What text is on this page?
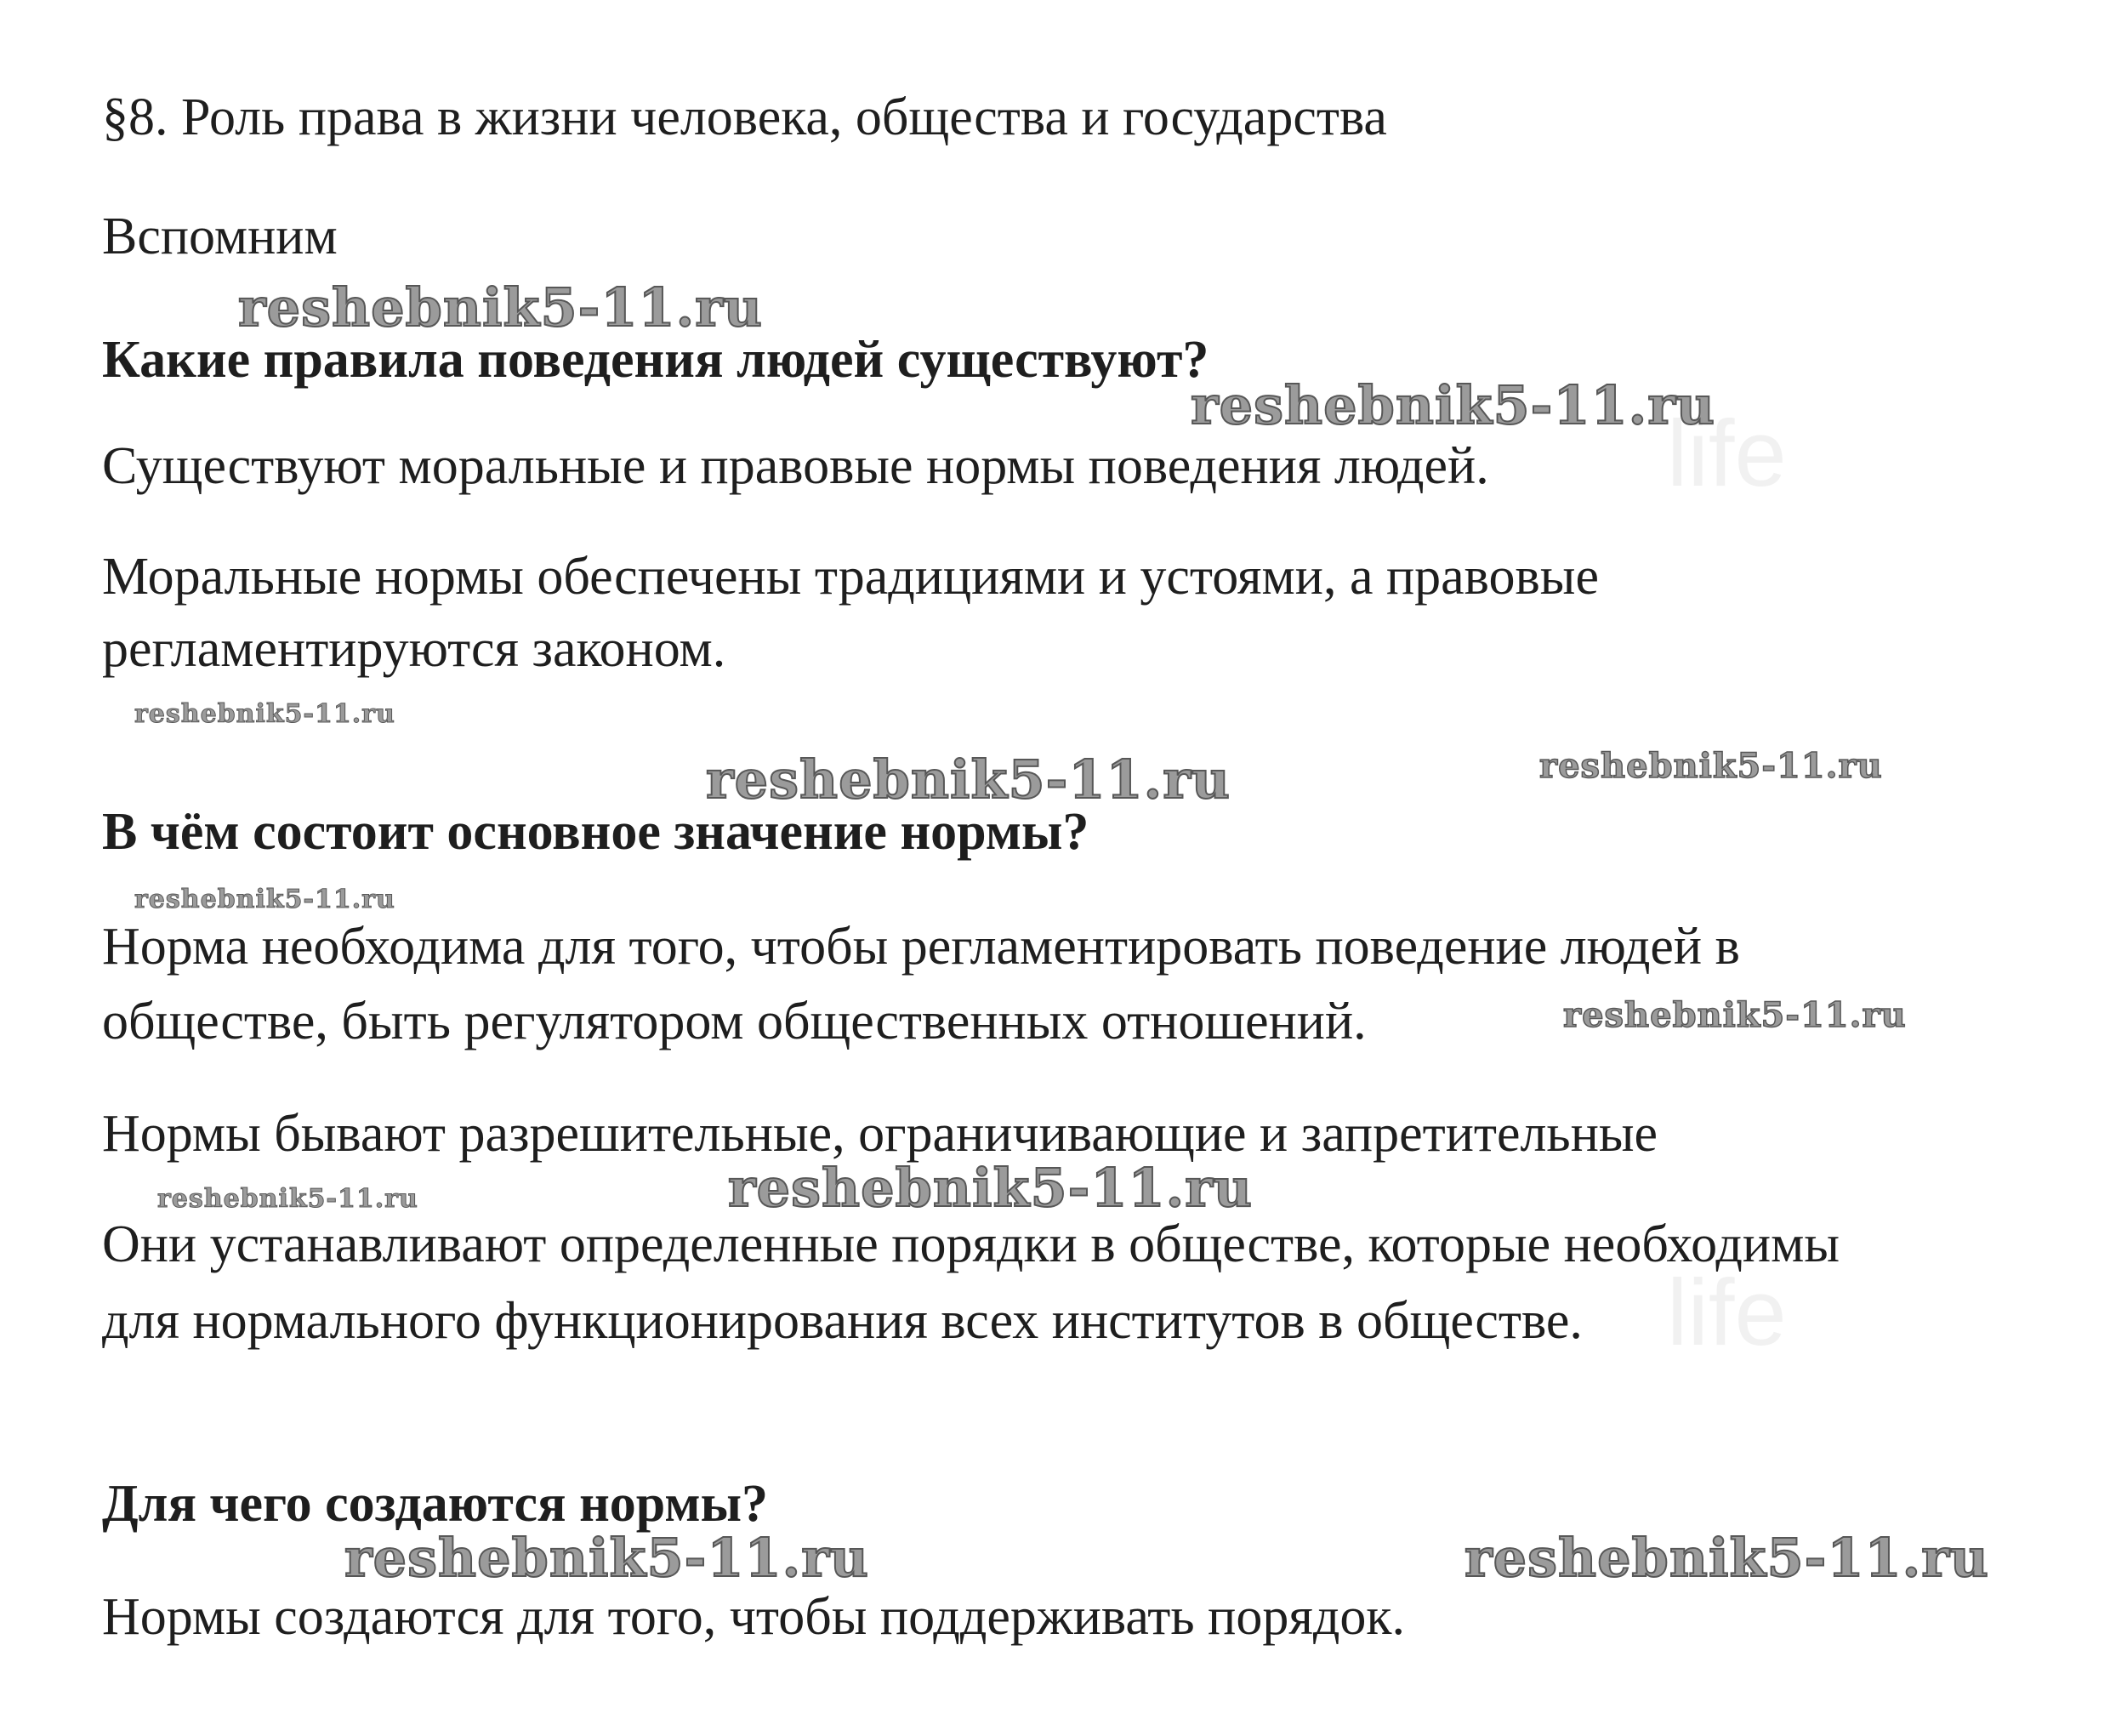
life
life

§8. Роль права в жизни человека, общества и государства

Вспомним

Какие правила поведения людей существуют?

Существуют моральные и правовые нормы поведения людей.

Моральные нормы обеспечены традициями и устоями, а правовые

регламентируются законом.

В чём состоит основное значение нормы?

Норма необходима для того, чтобы регламентировать поведение людей в

обществе, быть регулятором общественных отношений.

Нормы бывают разрешительные, ограничивающие и запретительные

Они устанавливают определенные порядки в обществе, которые необходимы

для нормального функционирования всех институтов в обществе.

Для чего создаются нормы?

Нормы создаются для того, чтобы поддерживать порядок.

reshebnik5-11.ru
reshebnik5-11.ru
reshebnik5-11.ru
reshebnik5-11.ru	reshebnik5-11.ru
reshebnik5-11.ru
reshebnik5-11.ru
reshebnik5-11.ru	reshebnik5-11.ru
reshebnik5-11.ru	reshebnik5-11.ru
